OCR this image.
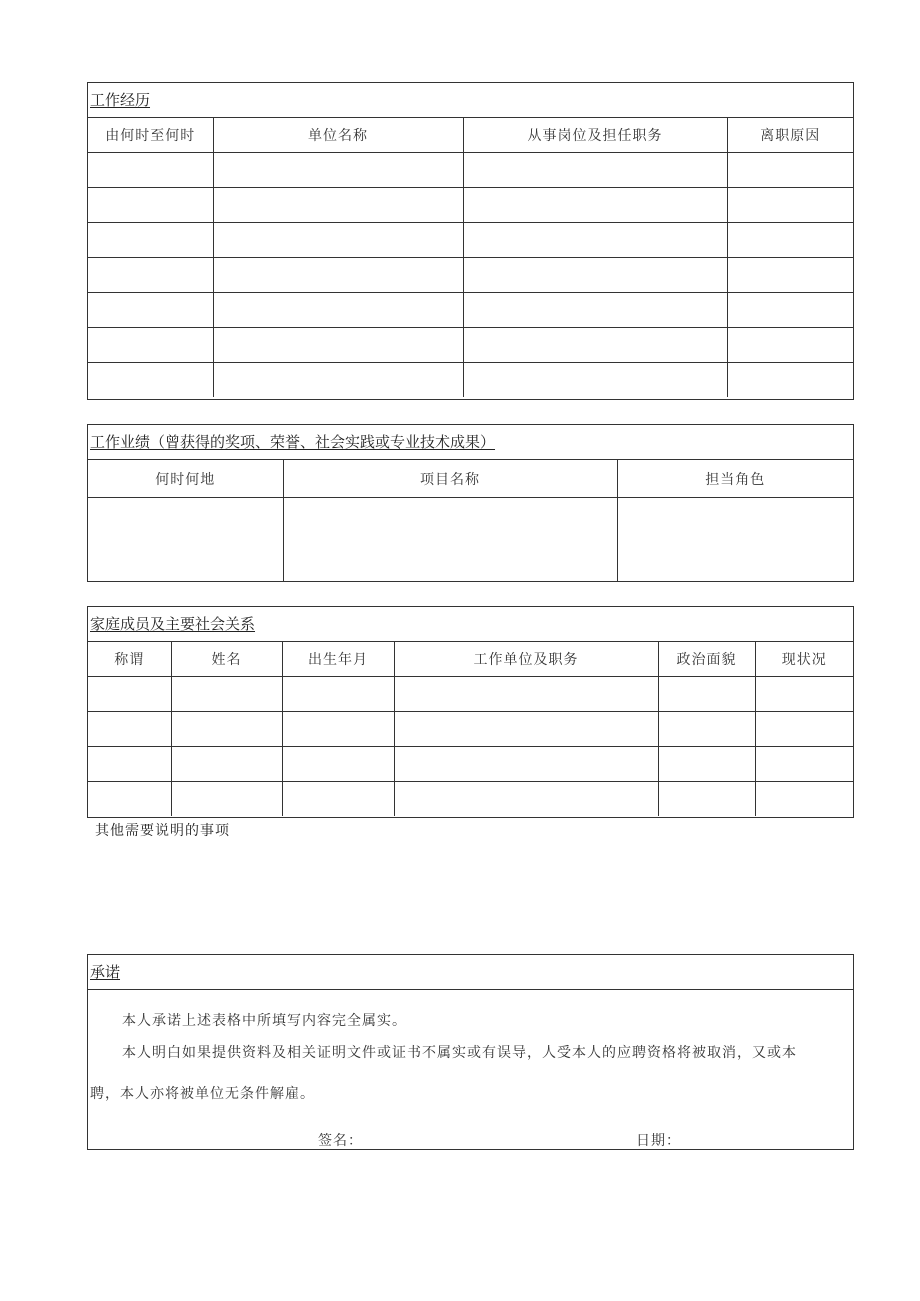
工作经历
由何时至何时	单位名称	从事岗位及担任职务	离职原因

工作业绩（曾获得的奖项、荣誉、社会实践或专业技术成果）
何时何地	项目名称	担当角色

家庭成员及主要社会关系
称谓	姓名	出生年月	工作单位及职务	政治面貌	现状况

其他需要说明的事项
承诺
本人承诺上述表格中所填写内容完全属实。
本人明白如果提供资料及相关证明文件或证书不属实或有误导，人受本人的应聘资格将被取消，又或本
聘，本人亦将被单位无条件解雇。
签名：	日期：
